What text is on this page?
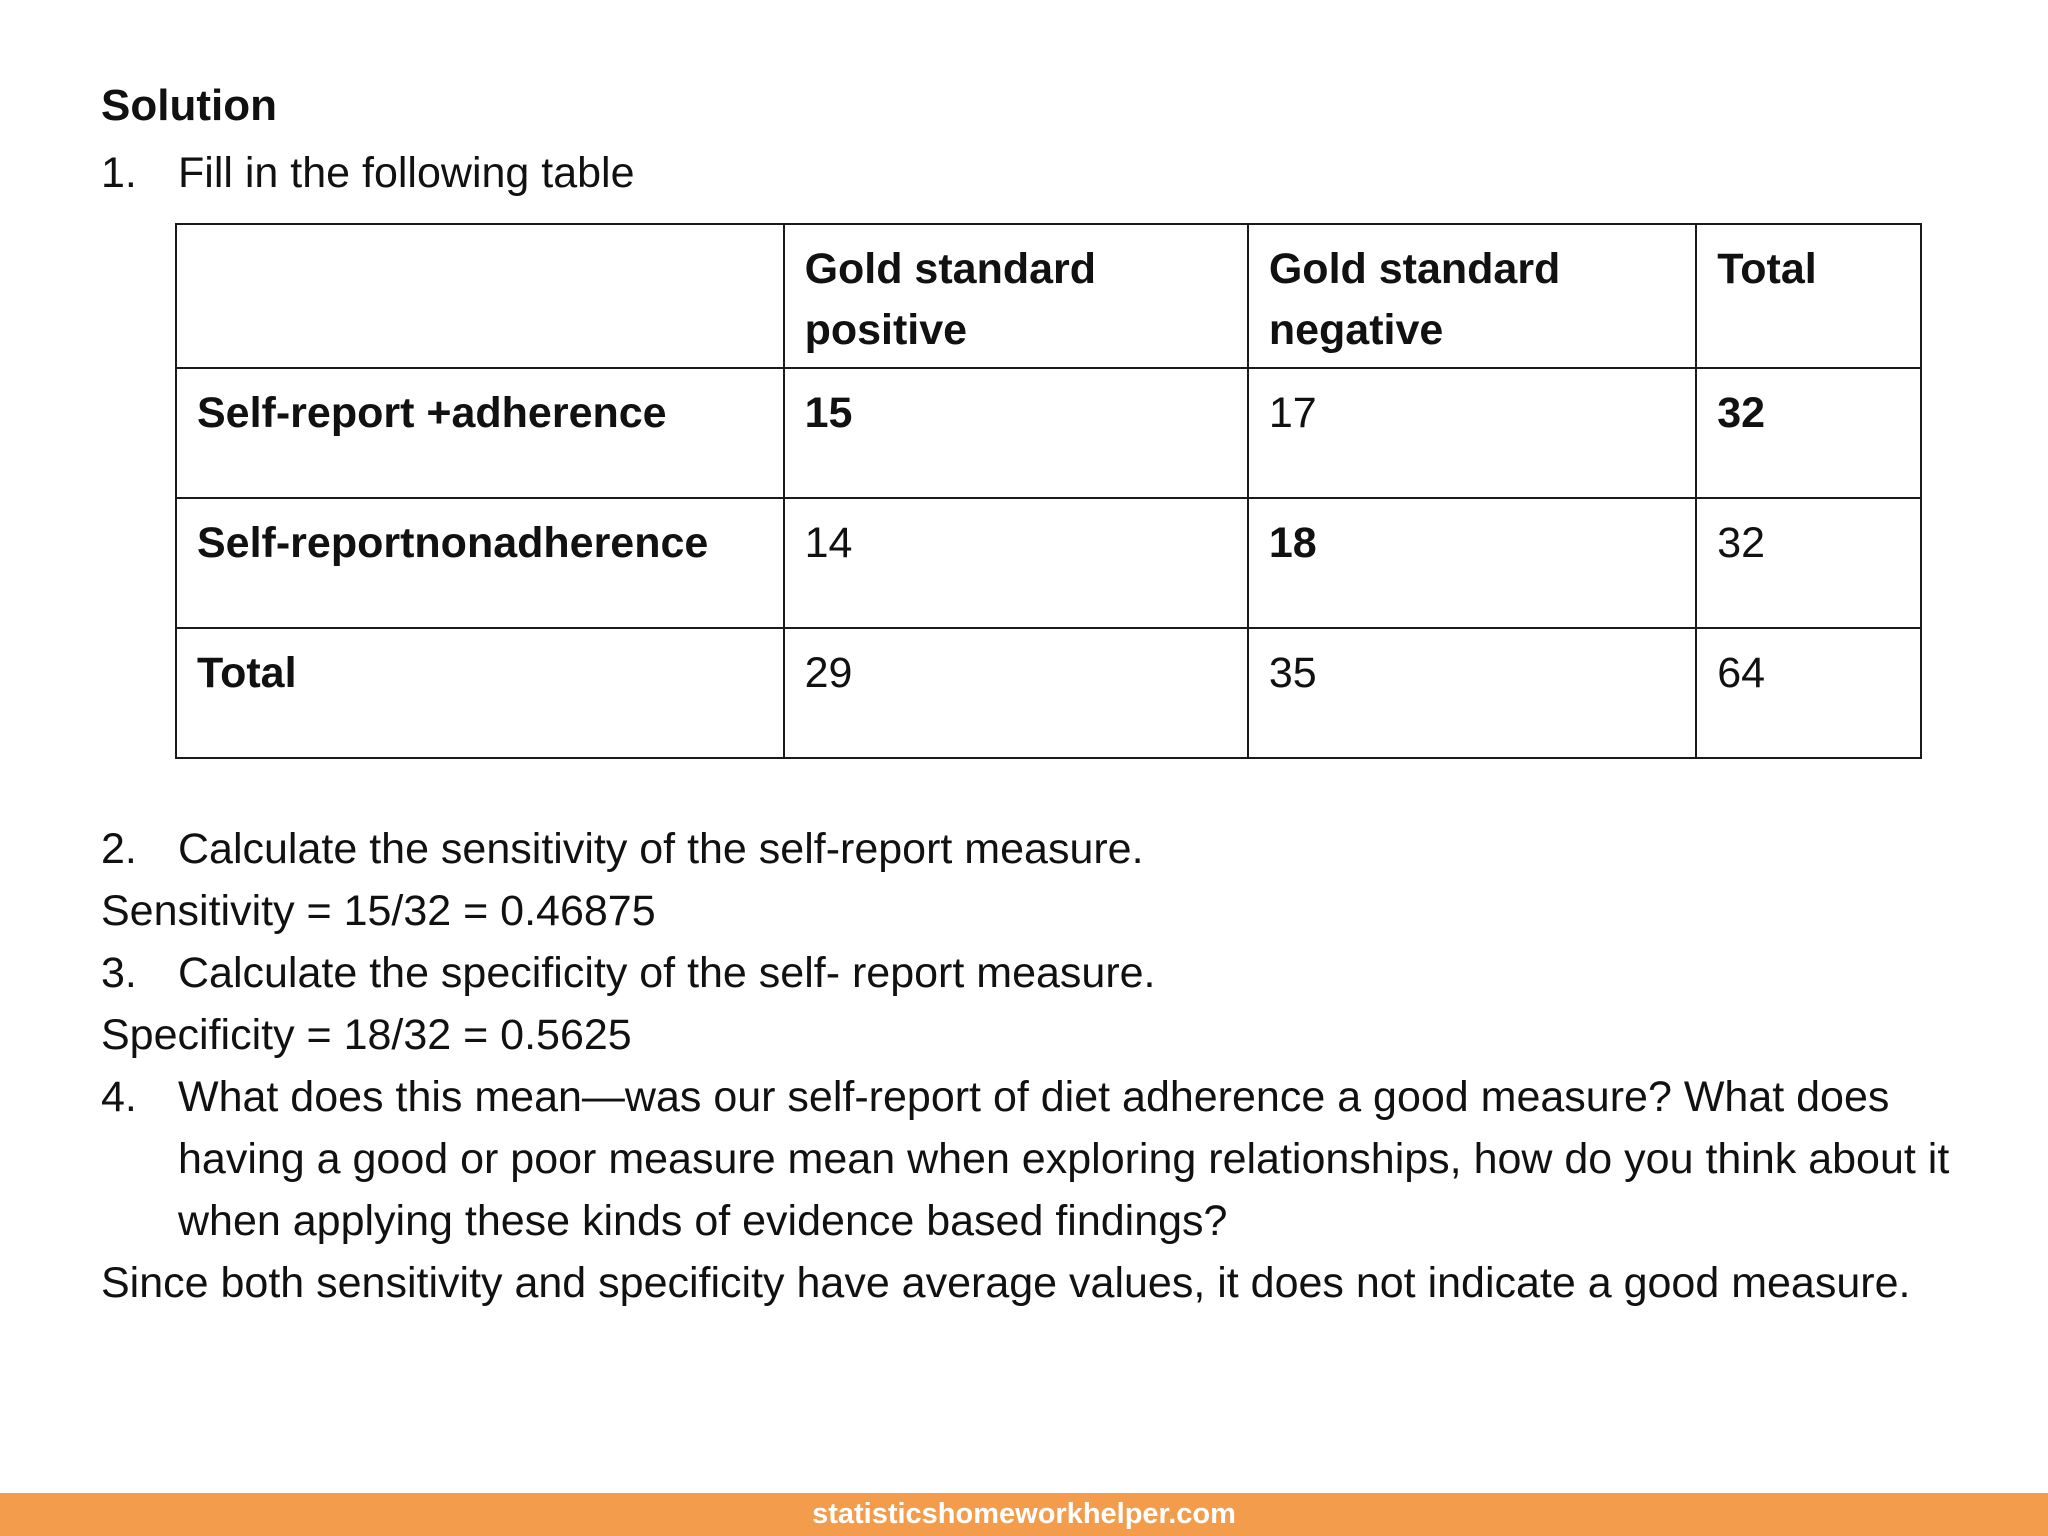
Solution
1. Fill in the following table
	Gold standard positive	Gold standard negative	Total
Self-report +adherence	15	17	32
Self-reportnonadherence	14	18	32
Total	29	35	64
2. Calculate the sensitivity of the self-report measure.
Sensitivity = 15/32 = 0.46875
3. Calculate the specificity of the self- report measure.
Specificity = 18/32 = 0.5625
4. What does this mean—was our self-report of diet adherence a good measure? What does having a good or poor measure mean when exploring relationships, how do you think about it when applying these kinds of evidence based findings?
Since both sensitivity and specificity have average values, it does not indicate a good measure.
statisticshomeworkhelper.com
